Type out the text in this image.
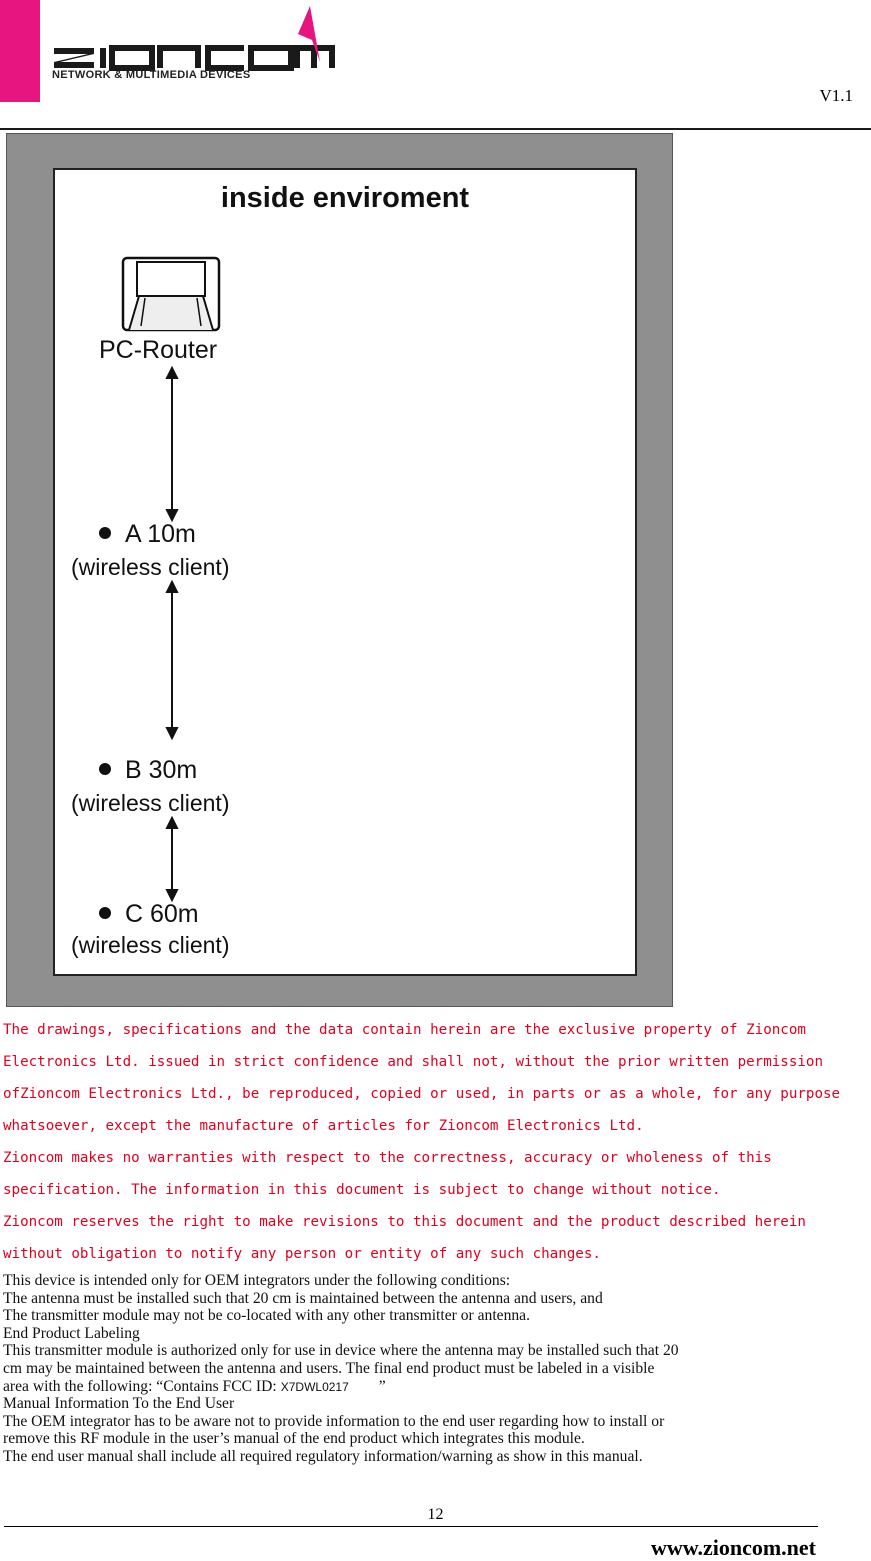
NETWORK & MULTIMEDIA DEVICES
V1.1
inside enviroment
PC-Router
A 10m
(wireless client)
B 30m
(wireless client)
C 60m
(wireless client)
The drawings, specifications and the data contain herein are the exclusive property of Zioncom
Electronics Ltd. issued in strict confidence and shall not, without the prior written permission
ofZioncom Electronics Ltd., be reproduced, copied or used, in parts or as a whole, for any purpose
whatsoever, except the manufacture of articles for Zioncom Electronics Ltd.
Zioncom makes no warranties with respect to the correctness, accuracy or wholeness of this
specification. The information in this document is subject to change without notice.
Zioncom reserves the right to make revisions to this document and the product described herein
without obligation to notify any person or entity of any such changes.
This device is intended only for OEM integrators under the following conditions:
The antenna must be installed such that 20 cm is maintained between the antenna and users, and
The transmitter module may not be co-located with any other transmitter or antenna.
End Product Labeling
This transmitter module is authorized only for use in device where the antenna may be installed such that 20
cm may be maintained between the antenna and users. The final end product must be labeled in a visible
area with the following: “Contains FCC ID: X7DWL0217 ”
Manual Information To the End User
The OEM integrator has to be aware not to provide information to the end user regarding how to install or
remove this RF module in the user’s manual of the end product which integrates this module.
The end user manual shall include all required regulatory information/warning as show in this manual.
12
www.zioncom.net
